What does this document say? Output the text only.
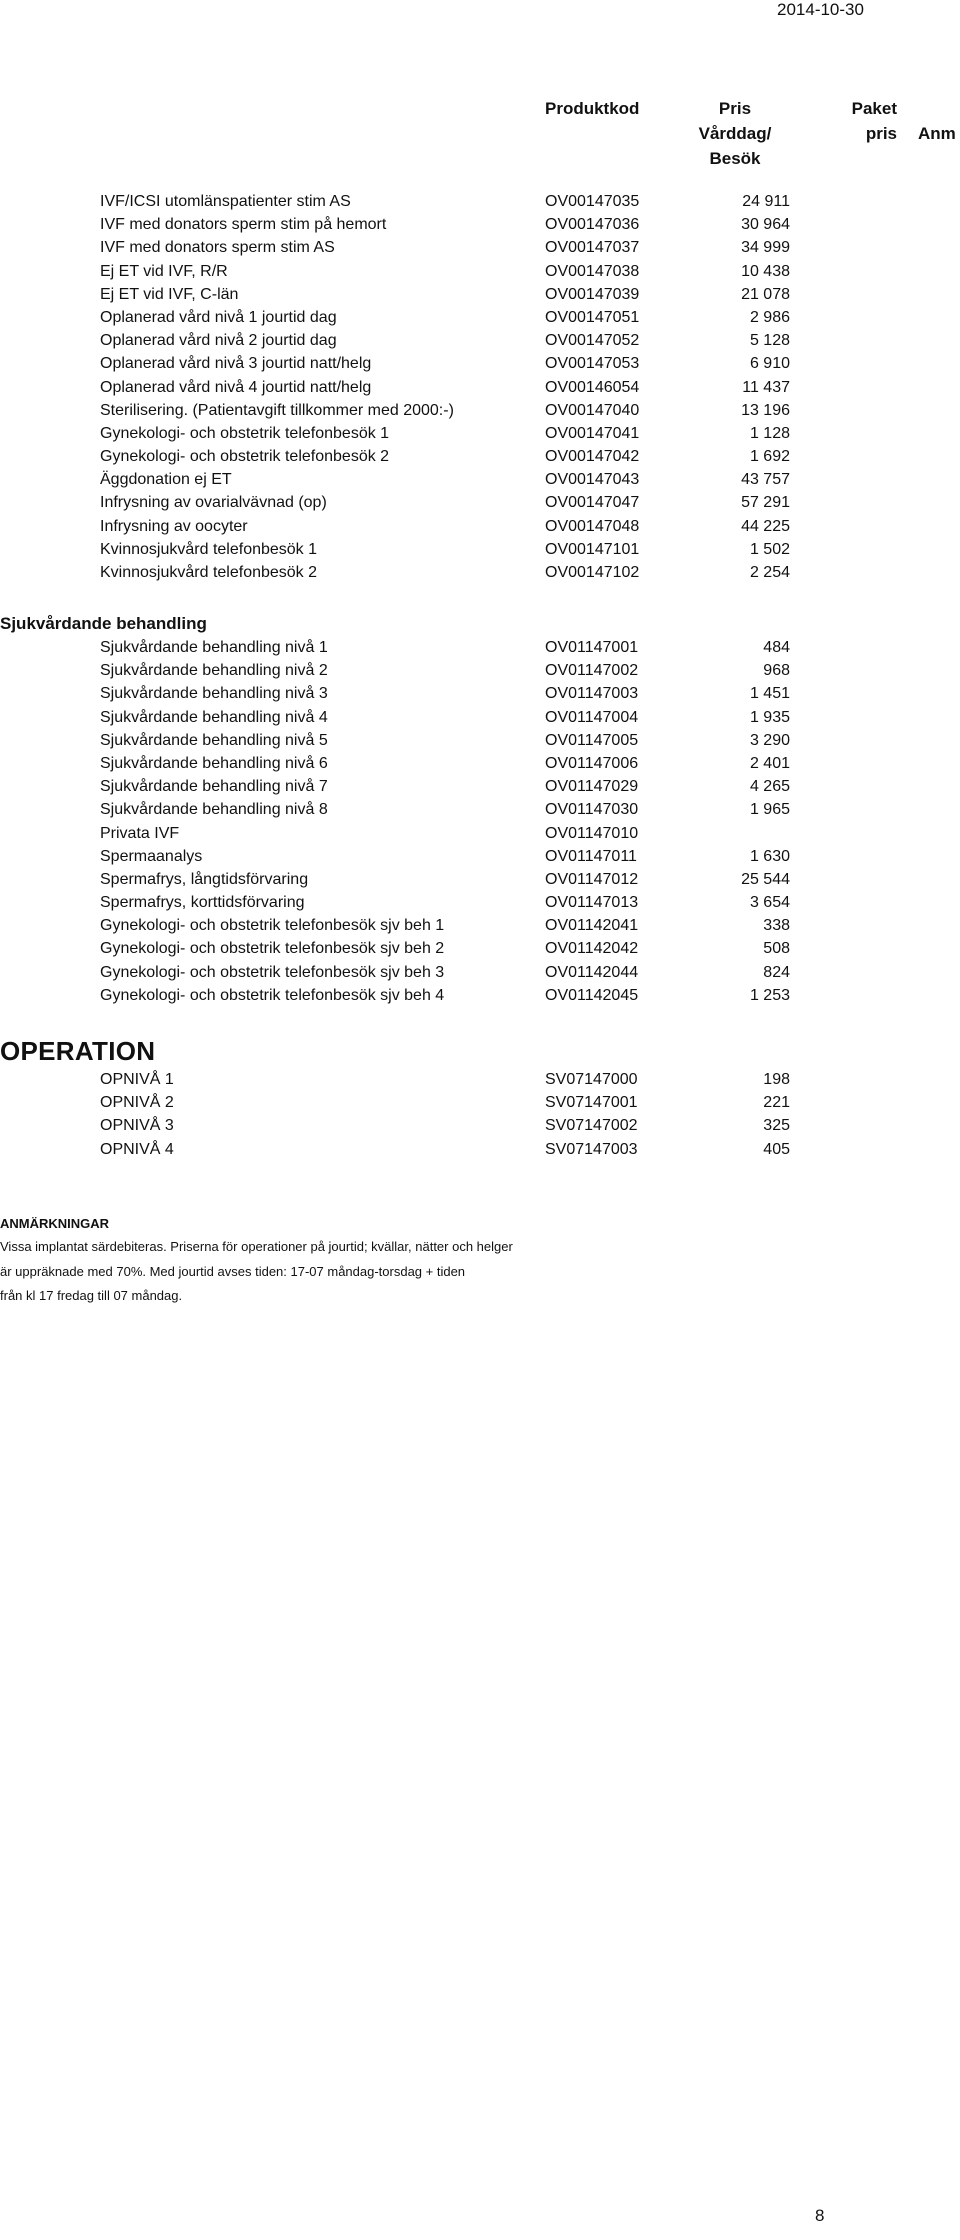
2014-10-30
Produktkod	Pris
Vårddag/
Besök
Paket
pris Anm
IVF/ICSI utomlänspatienter stim AS	OV00147035	24 911
IVF med donators sperm stim på hemort	OV00147036	30 964
IVF med donators sperm stim AS	OV00147037	34 999
Ej ET vid IVF, R/R	OV00147038	10 438
Ej ET vid IVF, C-län	OV00147039	21 078
Oplanerad vård nivå 1 jourtid dag	OV00147051	2 986
Oplanerad vård nivå 2 jourtid dag	OV00147052	5 128
Oplanerad vård nivå 3 jourtid natt/helg	OV00147053	6 910
Oplanerad vård nivå 4 jourtid natt/helg	OV00146054	11 437
Sterilisering. (Patientavgift tillkommer med 2000:-)	OV00147040	13 196
Gynekologi- och obstetrik telefonbesök 1	OV00147041	1 128
Gynekologi- och obstetrik telefonbesök 2	OV00147042	1 692
Äggdonation ej ET	OV00147043	43 757
Infrysning av ovarialvävnad (op)	OV00147047	57 291
Infrysning av oocyter	OV00147048	44 225
Kvinnosjukvård telefonbesök 1	OV00147101	1 502
Kvinnosjukvård telefonbesök 2	OV00147102	2 254
Sjukvårdande behandling
Sjukvårdande behandling nivå 1	OV01147001	484
Sjukvårdande behandling nivå 2	OV01147002	968
Sjukvårdande behandling nivå 3	OV01147003	1 451
Sjukvårdande behandling nivå 4	OV01147004	1 935
Sjukvårdande behandling nivå 5	OV01147005	3 290
Sjukvårdande behandling nivå 6	OV01147006	2 401
Sjukvårdande behandling nivå 7	OV01147029	4 265
Sjukvårdande behandling nivå 8	OV01147030	1 965
Privata IVF	OV01147010
Spermaanalys	OV01147011	1 630
Spermafrys, långtidsförvaring	OV01147012	25 544
Spermafrys, korttidsförvaring	OV01147013	3 654
Gynekologi- och obstetrik telefonbesök sjv beh 1	OV01142041	338
Gynekologi- och obstetrik telefonbesök sjv beh 2	OV01142042	508
Gynekologi- och obstetrik telefonbesök sjv beh 3	OV01142044	824
Gynekologi- och obstetrik telefonbesök sjv beh 4	OV01142045	1 253
OPERATION
OPNIVÅ 1	SV07147000	198
OPNIVÅ 2	SV07147001	221
OPNIVÅ 3	SV07147002	325
OPNIVÅ 4	SV07147003	405
ANMÄRKNINGAR
Vissa implantat särdebiteras. Priserna för operationer på jourtid; kvällar, nätter och helger
är uppräknade med 70%. Med jourtid avses tiden: 17-07 måndag-torsdag + tiden
från kl 17 fredag till 07 måndag.
8
